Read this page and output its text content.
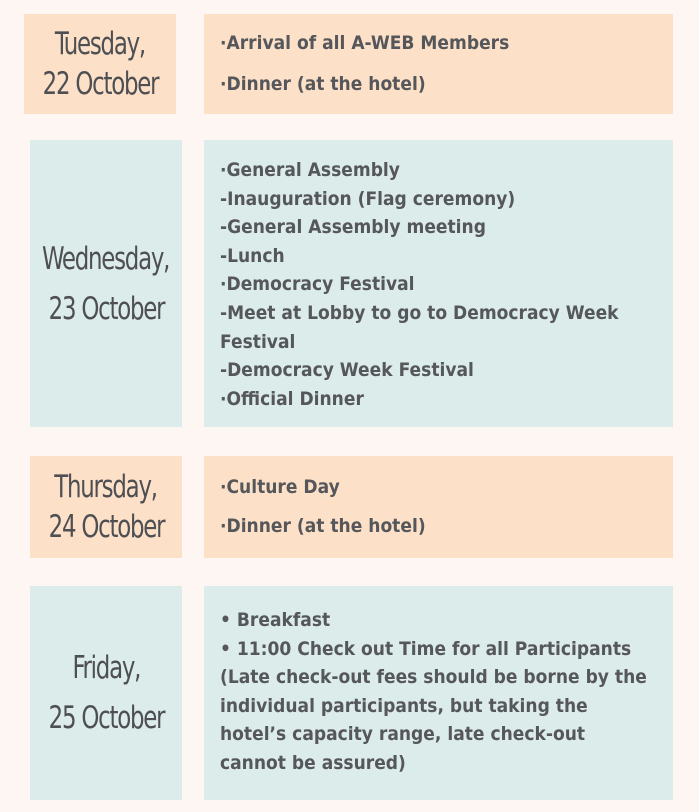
Tuesday,
22 October
·Arrival of all A-WEB Members
·Dinner (at the hotel)
Wednesday,
23 October
·General Assembly
-Inauguration (Flag ceremony)
-General Assembly meeting
-Lunch
·Democracy Festival
-Meet at Lobby to go to Democracy Week
Festival
-Democracy Week Festival
·Official Dinner
Thursday,
24 October
·Culture Day
·Dinner (at the hotel)
Friday,
25 October
• Breakfast
• 11:00 Check out Time for all Participants
(Late check-out fees should be borne by the
individual participants, but taking the
hotel’s capacity range, late check-out
cannot be assured)
